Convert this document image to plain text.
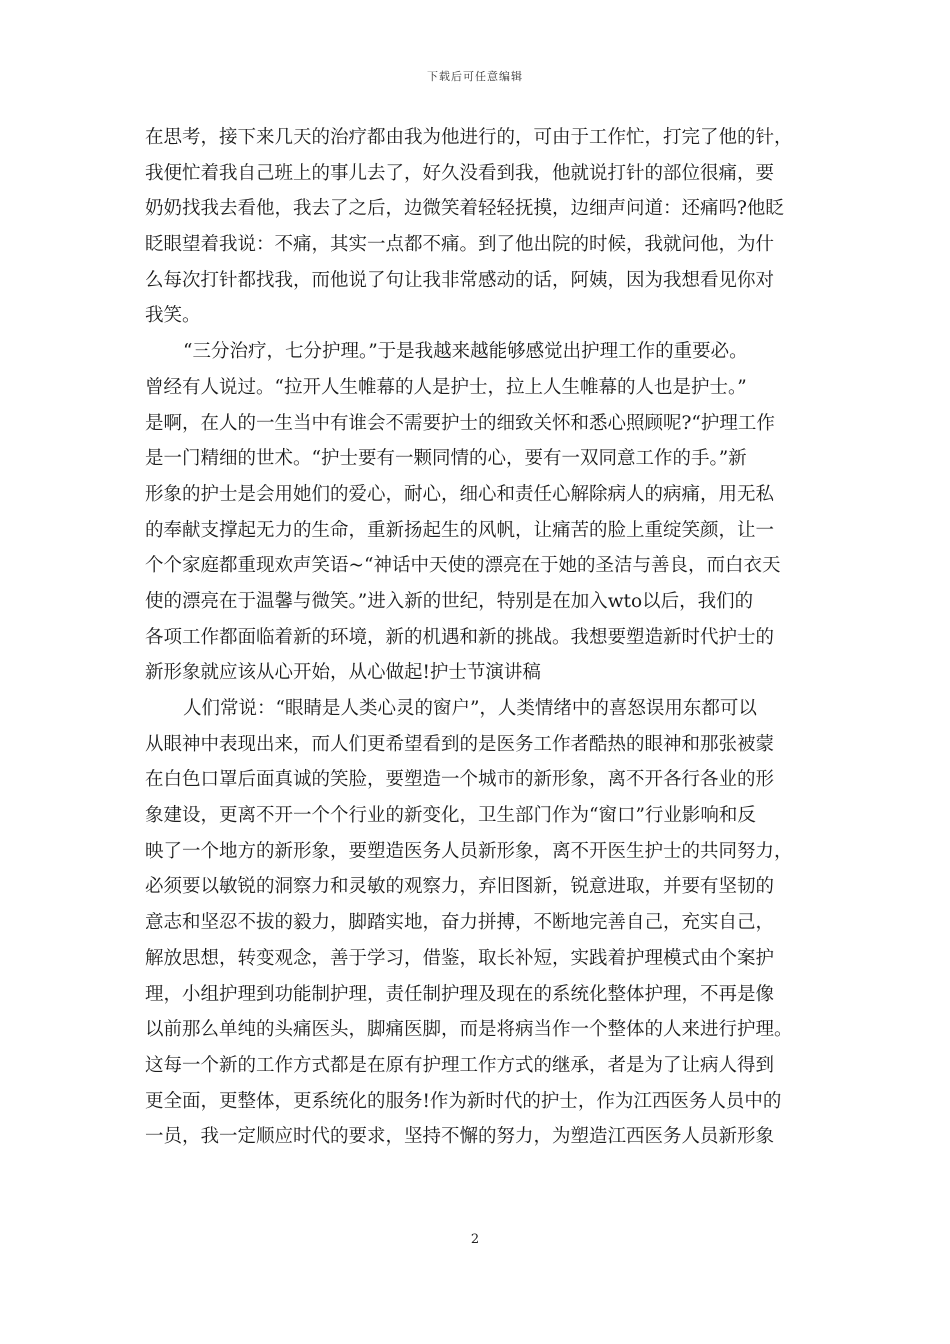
下载后可任意编辑
在思考，接下来几天的治疗都由我为他进行的，可由于工作忙，打完了他的针，
我便忙着我自己班上的事儿去了，好久没看到我，他就说打针的部位很痛，要
奶奶找我去看他，我去了之后，边微笑着轻轻抚摸，边细声问道：还痛吗?他眨
眨眼望着我说：不痛，其实一点都不痛。到了他出院的时候，我就问他，为什
么每次打针都找我，而他说了句让我非常感动的话，阿姨，因为我想看见你对
我笑。
“三分治疗，七分护理。”于是我越来越能够感觉出护理工作的重要必。
曾经有人说过。“拉开人生帷幕的人是护士，拉上人生帷幕的人也是护士。”
是啊，在人的一生当中有谁会不需要护士的细致关怀和悉心照顾呢?“护理工作
是一门精细的世术。“护士要有一颗同情的心，要有一双同意工作的手。”新
形象的护士是会用她们的爱心，耐心，细心和责任心解除病人的病痛，用无私
的奉献支撑起无力的生命，重新扬起生的风帆，让痛苦的脸上重绽笑颜，让一
个个家庭都重现欢声笑语~“神话中天使的漂亮在于她的圣洁与善良，而白衣天
使的漂亮在于温馨与微笑。”进入新的世纪，特别是在加入wto以后，我们的
各项工作都面临着新的环境，新的机遇和新的挑战。我想要塑造新时代护士的
新形象就应该从心开始，从心做起!护士节演讲稿
人们常说：“眼睛是人类心灵的窗户”，人类情绪中的喜怒误用东都可以
从眼神中表现出来，而人们更希望看到的是医务工作者酷热的眼神和那张被蒙
在白色口罩后面真诚的笑脸，要塑造一个城市的新形象，离不开各行各业的形
象建设，更离不开一个个行业的新变化，卫生部门作为“窗口”行业影响和反
映了一个地方的新形象，要塑造医务人员新形象，离不开医生护士的共同努力，
必须要以敏锐的洞察力和灵敏的观察力，弃旧图新，锐意进取，并要有坚韧的
意志和坚忍不拔的毅力，脚踏实地，奋力拼搏，不断地完善自己，充实自己，
解放思想，转变观念，善于学习，借鉴，取长补短，实践着护理模式由个案护
理，小组护理到功能制护理，责任制护理及现在的系统化整体护理，不再是像
以前那么单纯的头痛医头，脚痛医脚，而是将病当作一个整体的人来进行护理。
这每一个新的工作方式都是在原有护理工作方式的继承，者是为了让病人得到
更全面，更整体，更系统化的服务!作为新时代的护士，作为江西医务人员中的
一员，我一定顺应时代的要求，坚持不懈的努力，为塑造江西医务人员新形象
2
